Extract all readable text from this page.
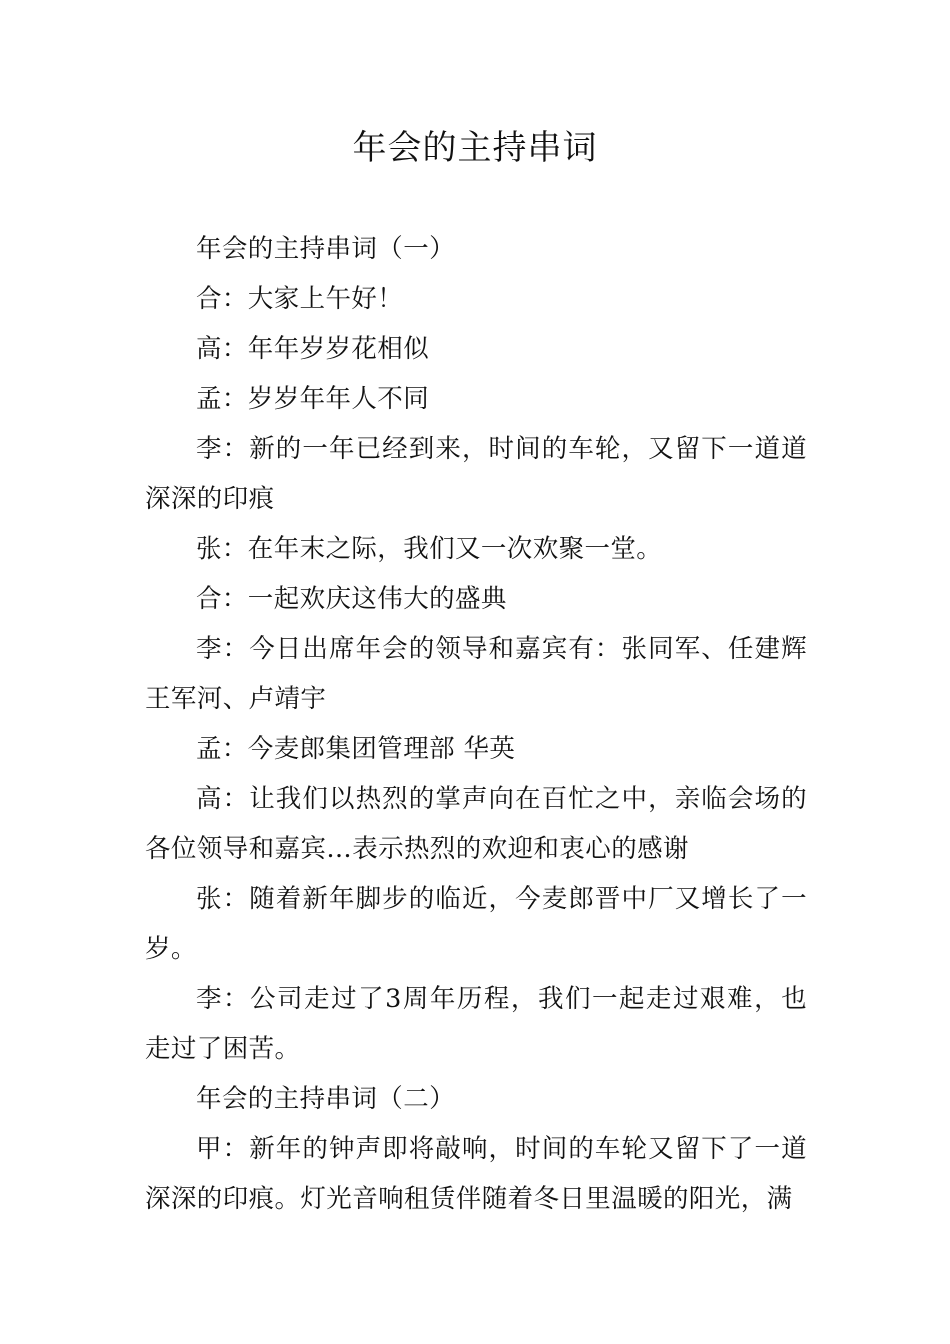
年会的主持串词

年会的主持串词（一）

合：大家上午好！

高：年年岁岁花相似

孟：岁岁年年人不同

李：新的一年已经到来，时间的车轮，又留下一道道深深的印痕

张：在年末之际，我们又一次欢聚一堂。

合：一起欢庆这伟大的盛典

李：今日出席年会的领导和嘉宾有：张同军、任建辉王军河、卢靖宇

孟：今麦郎集团管理部 华英

高：让我们以热烈的掌声向在百忙之中，亲临会场的各位领导和嘉宾…表示热烈的欢迎和衷心的感谢

张：随着新年脚步的临近，今麦郎晋中厂又增长了一岁。

李：公司走过了3周年历程，我们一起走过艰难，也走过了困苦。

年会的主持串词（二）

甲：新年的钟声即将敲响，时间的车轮又留下了一道深深的印痕。灯光音响租赁伴随着冬日里温暖的阳光，满
